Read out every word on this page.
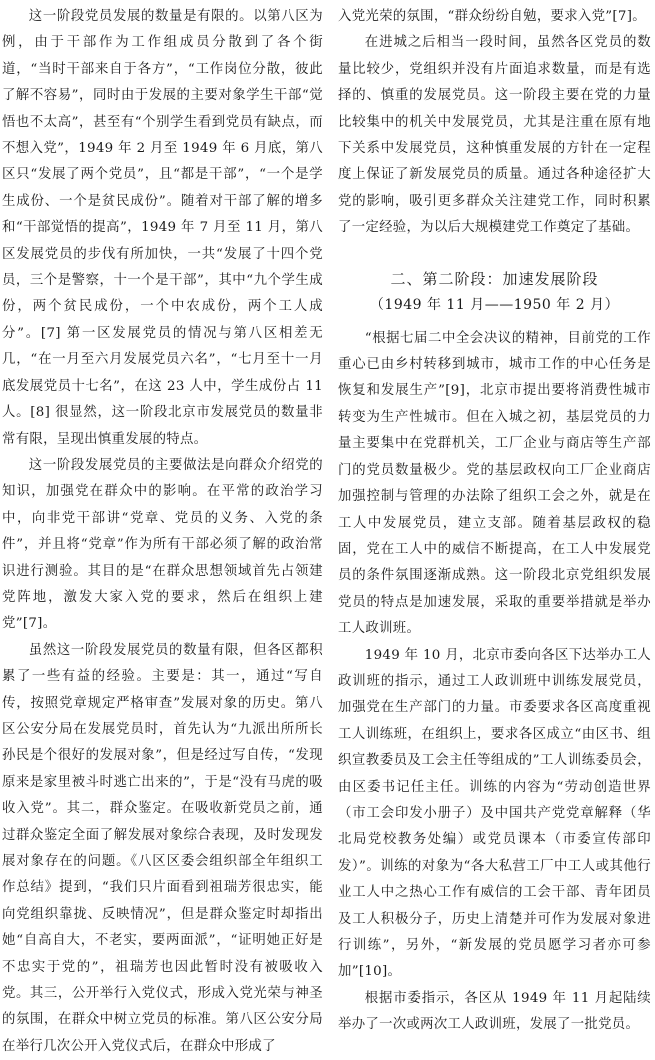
这一阶段党员发展的数量是有限的。以第八区为例，由于干部作为工作组成员分散到了各个街道，“当时干部来自于各方”，“工作岗位分散，彼此了解不容易”，同时由于发展的主要对象学生干部“觉悟也不太高”，甚至有“个别学生看到党员有缺点，而不想入党”，1949 年 2 月至 1949 年 6 月底，第八区只“发展了两个党员”，且“都是干部”，“一个是学生成份、一个是贫民成份”。随着对干部了解的增多和“干部觉悟的提高”，1949 年 7 月至 11 月，第八区发展党员的步伐有所加快，一共“发展了十四个党员，三个是警察，十一个是干部”，其中“九个学生成份，两个贫民成份，一个中农成份，两个工人成分”。[7] 第一区发展党员的情况与第八区相差无几，“在一月至六月发展党员六名”，“七月至十一月底发展党员十七名”，在这 23 人中，学生成份占 11 人。[8] 很显然，这一阶段北京市发展党员的数量非常有限，呈现出慎重发展的特点。

这一阶段发展党员的主要做法是向群众介绍党的知识，加强党在群众中的影响。在平常的政治学习中，向非党干部讲“党章、党员的义务、入党的条件”，并且将“党章”作为所有干部必须了解的政治常识进行测验。其目的是“在群众思想领域首先占领建党阵地，激发大家入党的要求，然后在组织上建党”[7]。

虽然这一阶段发展党员的数量有限，但各区都积累了一些有益的经验。主要是：其一，通过“写自传，按照党章规定严格审查”发展对象的历史。第八区公安分局在发展党员时，首先认为“九派出所所长孙民是个很好的发展对象”，但是经过写自传，“发现原来是家里被斗时逃亡出来的”，于是“没有马虎的吸收入党”。其二，群众鉴定。在吸收新党员之前，通过群众鉴定全面了解发展对象综合表现，及时发现发展对象存在的问题。《八区区委会组织部全年组织工作总结》提到，“我们只片面看到祖瑞芳很忠实，能向党组织靠拢、反映情况”，但是群众鉴定时却指出她“自高自大，不老实，要两面派”，“证明她正好是不忠实于党的”，祖瑞芳也因此暂时没有被吸收入党。其三，公开举行入党仪式，形成入党光荣与神圣的氛围，在群众中树立党员的标准。第八区公安分局在举行几次公开入党仪式后，在群众中形成了

入党光荣的氛围，“群众纷纷自勉，要求入党”[7]。

在进城之后相当一段时间，虽然各区党员的数量比较少，党组织并没有片面追求数量，而是有选择的、慎重的发展党员。这一阶段主要在党的力量比较集中的机关中发展党员，尤其是注重在原有地下关系中发展党员，这种慎重发展的方针在一定程度上保证了新发展党员的质量。通过各种途径扩大党的影响，吸引更多群众关注建党工作，同时积累了一定经验，为以后大规模建党工作奠定了基础。

二、第二阶段：加速发展阶段

（1949 年 11 月——1950 年 2 月）

“根据七届二中全会决议的精神，目前党的工作重心已由乡村转移到城市，城市工作的中心任务是恢复和发展生产”[9]，北京市提出要将消费性城市转变为生产性城市。但在入城之初，基层党员的力量主要集中在党群机关，工厂企业与商店等生产部门的党员数量极少。党的基层政权向工厂企业商店加强控制与管理的办法除了组织工会之外，就是在工人中发展党员，建立支部。随着基层政权的稳固，党在工人中的威信不断提高，在工人中发展党员的条件氛围逐渐成熟。这一阶段北京党组织发展党员的特点是加速发展，采取的重要举措就是举办工人政训班。

1949 年 10 月，北京市委向各区下达举办工人政训班的指示，通过工人政训班中训练发展党员，加强党在生产部门的力量。市委要求各区高度重视工人训练班，在组织上，要求各区成立“由区书、组织宣教委员及工会主任等组成的”工人训练委员会，由区委书记任主任。训练的内容为“劳动创造世界（市工会印发小册子）及中国共产党党章解释（华北局党校教务处编）或党员课本（市委宣传部印发）”。训练的对象为“各大私营工厂中工人或其他行业工人中之热心工作有威信的工会干部、青年团员及工人积极分子，历史上清楚并可作为发展对象进行训练”，另外，“新发展的党员愿学习者亦可参加”[10]。

根据市委指示，各区从 1949 年 11 月起陆续举办了一次或两次工人政训班，发展了一批党员。
